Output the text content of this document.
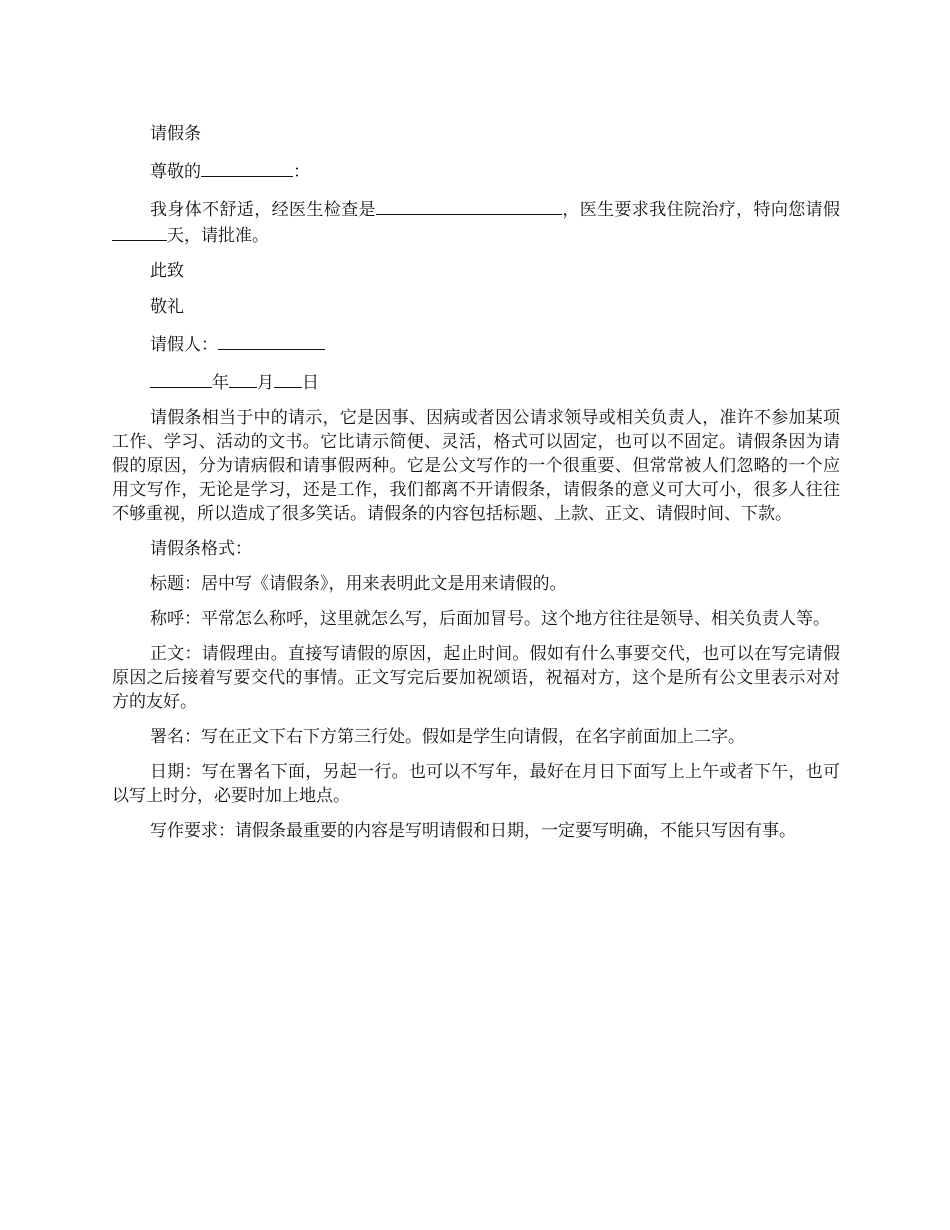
请假条

尊敬的	：

我身体不舒适，经医生检查是	，医生要求我住院治疗，特向您请假天，请批准。

此致

敬礼

请假人：

年 月 日

请假条相当于中的请示，它是因事、因病或者因公请求领导或相关负责人，准许不参加某项工作、学习、活动的文书。它比请示简便、灵活，格式可以固定，也可以不固定。请假条因为请假的原因，分为请病假和请事假两种。它是公文写作的一个很重要、但常常被人们忽略的一个应用文写作，无论是学习，还是工作，我们都离不开请假条，请假条的意义可大可小，很多人往往不够重视，所以造成了很多笑话。请假条的内容包括标题、上款、正文、请假时间、下款。

请假条格式：

标题：居中写《请假条》，用来表明此文是用来请假的。

称呼：平常怎么称呼，这里就怎么写，后面加冒号。这个地方往往是领导、相关负责人等。

正文：请假理由。直接写请假的原因，起止时间。假如有什么事要交代，也可以在写完请假原因之后接着写要交代的事情。正文写完后要加祝颂语，祝福对方，这个是所有公文里表示对对方的友好。

署名：写在正文下右下方第三行处。假如是学生向请假，在名字前面加上二字。

日期：写在署名下面，另起一行。也可以不写年，最好在月日下面写上上午或者下午，也可以写上时分，必要时加上地点。

写作要求：请假条最重要的内容是写明请假和日期，一定要写明确，不能只写因有事。
